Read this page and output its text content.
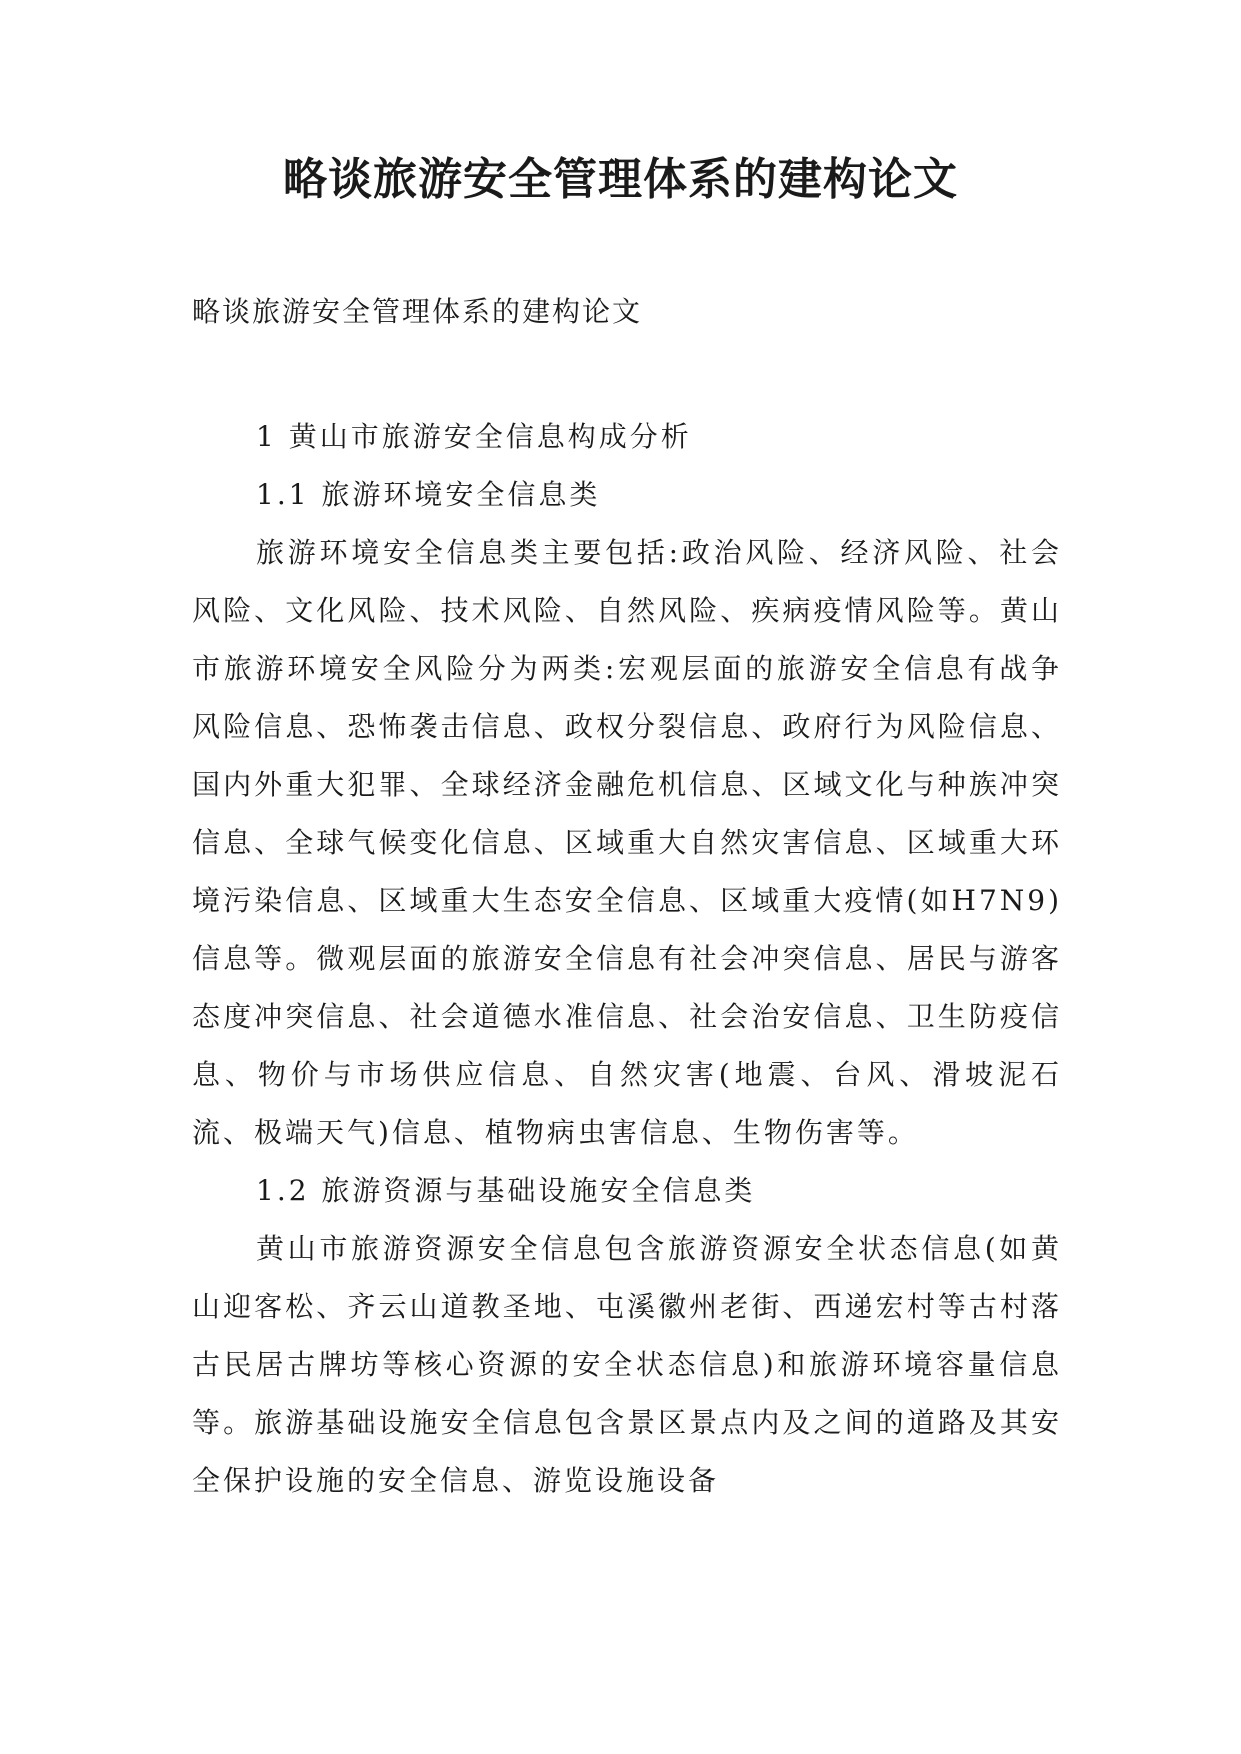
略谈旅游安全管理体系的建构论文

略谈旅游安全管理体系的建构论文

1 黄山市旅游安全信息构成分析

1.1 旅游环境安全信息类

旅游环境安全信息类主要包括:政治风险、经济风险、社会风险、文化风险、技术风险、自然风险、疾病疫情风险等。黄山市旅游环境安全风险分为两类:宏观层面的旅游安全信息有战争风险信息、恐怖袭击信息、政权分裂信息、政府行为风险信息、国内外重大犯罪、全球经济金融危机信息、区域文化与种族冲突信息、全球气候变化信息、区域重大自然灾害信息、区域重大环境污染信息、区域重大生态安全信息、区域重大疫情(如H7N9)信息等。微观层面的旅游安全信息有社会冲突信息、居民与游客态度冲突信息、社会道德水准信息、社会治安信息、卫生防疫信息、物价与市场供应信息、自然灾害(地震、台风、滑坡泥石流、极端天气)信息、植物病虫害信息、生物伤害等。

1.2 旅游资源与基础设施安全信息类

黄山市旅游资源安全信息包含旅游资源安全状态信息(如黄山迎客松、齐云山道教圣地、屯溪徽州老街、西递宏村等古村落古民居古牌坊等核心资源的安全状态信息)和旅游环境容量信息等。旅游基础设施安全信息包含景区景点内及之间的道路及其安全保护设施的安全信息、游览设施设备
